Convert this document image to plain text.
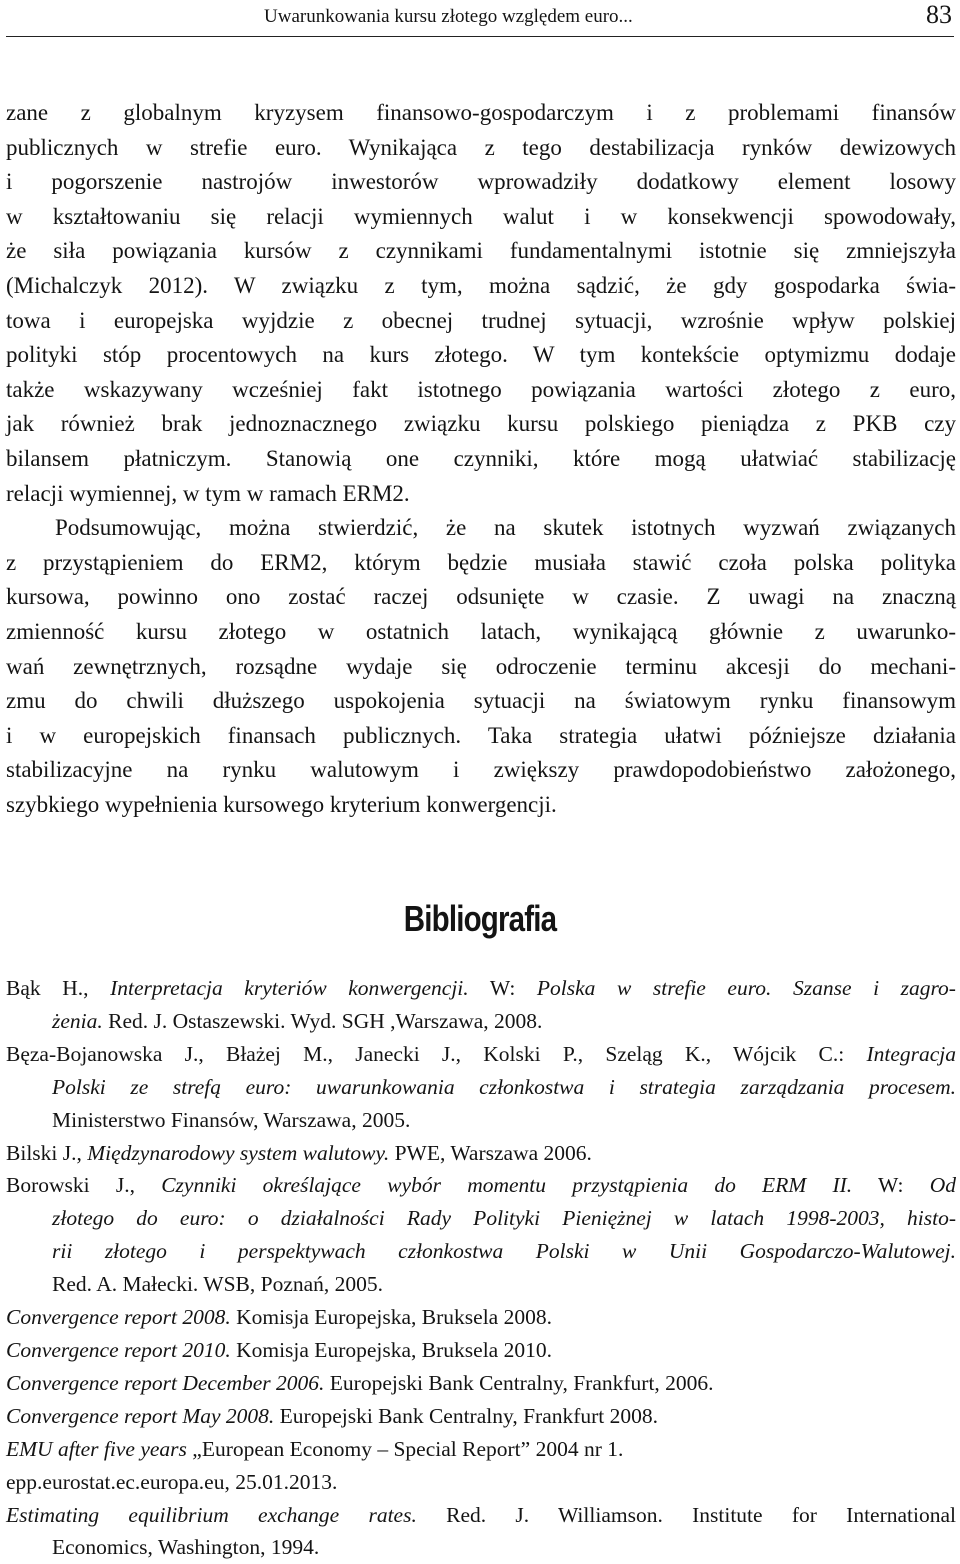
Uwarunkowania kursu złotego względem euro...	83

zane z globalnym kryzysem finansowo-gospodarczym i z problemami finansów
publicznych w strefie euro. Wynikająca z tego destabilizacja rynków dewizowych
i pogorszenie nastrojów inwestorów wprowadziły dodatkowy element losowy
w kształtowaniu się relacji wymiennych walut i w konsekwencji spowodowały,
że siła powiązania kursów z czynnikami fundamentalnymi istotnie się zmniejszyła
(Michalczyk 2012). W związku z tym, można sądzić, że gdy gospodarka świa-
towa i europejska wyjdzie z obecnej trudnej sytuacji, wzrośnie wpływ polskiej
polityki stóp procentowych na kurs złotego. W tym kontekście optymizmu dodaje
także wskazywany wcześniej fakt istotnego powiązania wartości złotego z euro,
jak również brak jednoznacznego związku kursu polskiego pieniądza z PKB czy
bilansem płatniczym. Stanowią one czynniki, które mogą ułatwiać stabilizację
relacji wymiennej, w tym w ramach ERM2.

Podsumowując, można stwierdzić, że na skutek istotnych wyzwań związanych
z przystąpieniem do ERM2, którym będzie musiała stawić czoła polska polityka
kursowa, powinno ono zostać raczej odsunięte w czasie. Z uwagi na znaczną
zmienność kursu złotego w ostatnich latach, wynikającą głównie z uwarunko-
wań zewnętrznych, rozsądne wydaje się odroczenie terminu akcesji do mechani-
zmu do chwili dłuższego uspokojenia sytuacji na światowym rynku finansowym
i w europejskich finansach publicznych. Taka strategia ułatwi późniejsze działania
stabilizacyjne na rynku walutowym i zwiększy prawdopodobieństwo założonego,
szybkiego wypełnienia kursowego kryterium konwergencji.

Bibliografia

Bąk H., Interpretacja kryteriów konwergencji. W: Polska w strefie euro. Szanse i zagro-
żenia. Red. J. Ostaszewski. Wyd. SGH ,Warszawa, 2008.

Bęza-Bojanowska J., Błażej M., Janecki J., Kolski P., Szeląg K., Wójcik C.: Integracja
Polski ze strefą euro: uwarunkowania członkostwa i strategia zarządzania procesem.
Ministerstwo Finansów, Warszawa, 2005.

Bilski J., Międzynarodowy system walutowy. PWE, Warszawa 2006.

Borowski J., Czynniki określające wybór momentu przystąpienia do ERM II. W: Od
złotego do euro: o działalności Rady Polityki Pieniężnej w latach 1998-2003, histo-
rii złotego i perspektywach członkostwa Polski w Unii Gospodarczo-Walutowej.
Red. A. Małecki. WSB, Poznań, 2005.

Convergence report 2008. Komisja Europejska, Bruksela 2008.

Convergence report 2010. Komisja Europejska, Bruksela 2010.

Convergence report December 2006. Europejski Bank Centralny, Frankfurt, 2006.

Convergence report May 2008. Europejski Bank Centralny, Frankfurt 2008.

EMU after five years „European Economy – Special Report” 2004 nr 1.

epp.eurostat.ec.europa.eu, 25.01.2013.

Estimating equilibrium exchange rates. Red. J. Williamson. Institute for International
Economics, Washington, 1994.
